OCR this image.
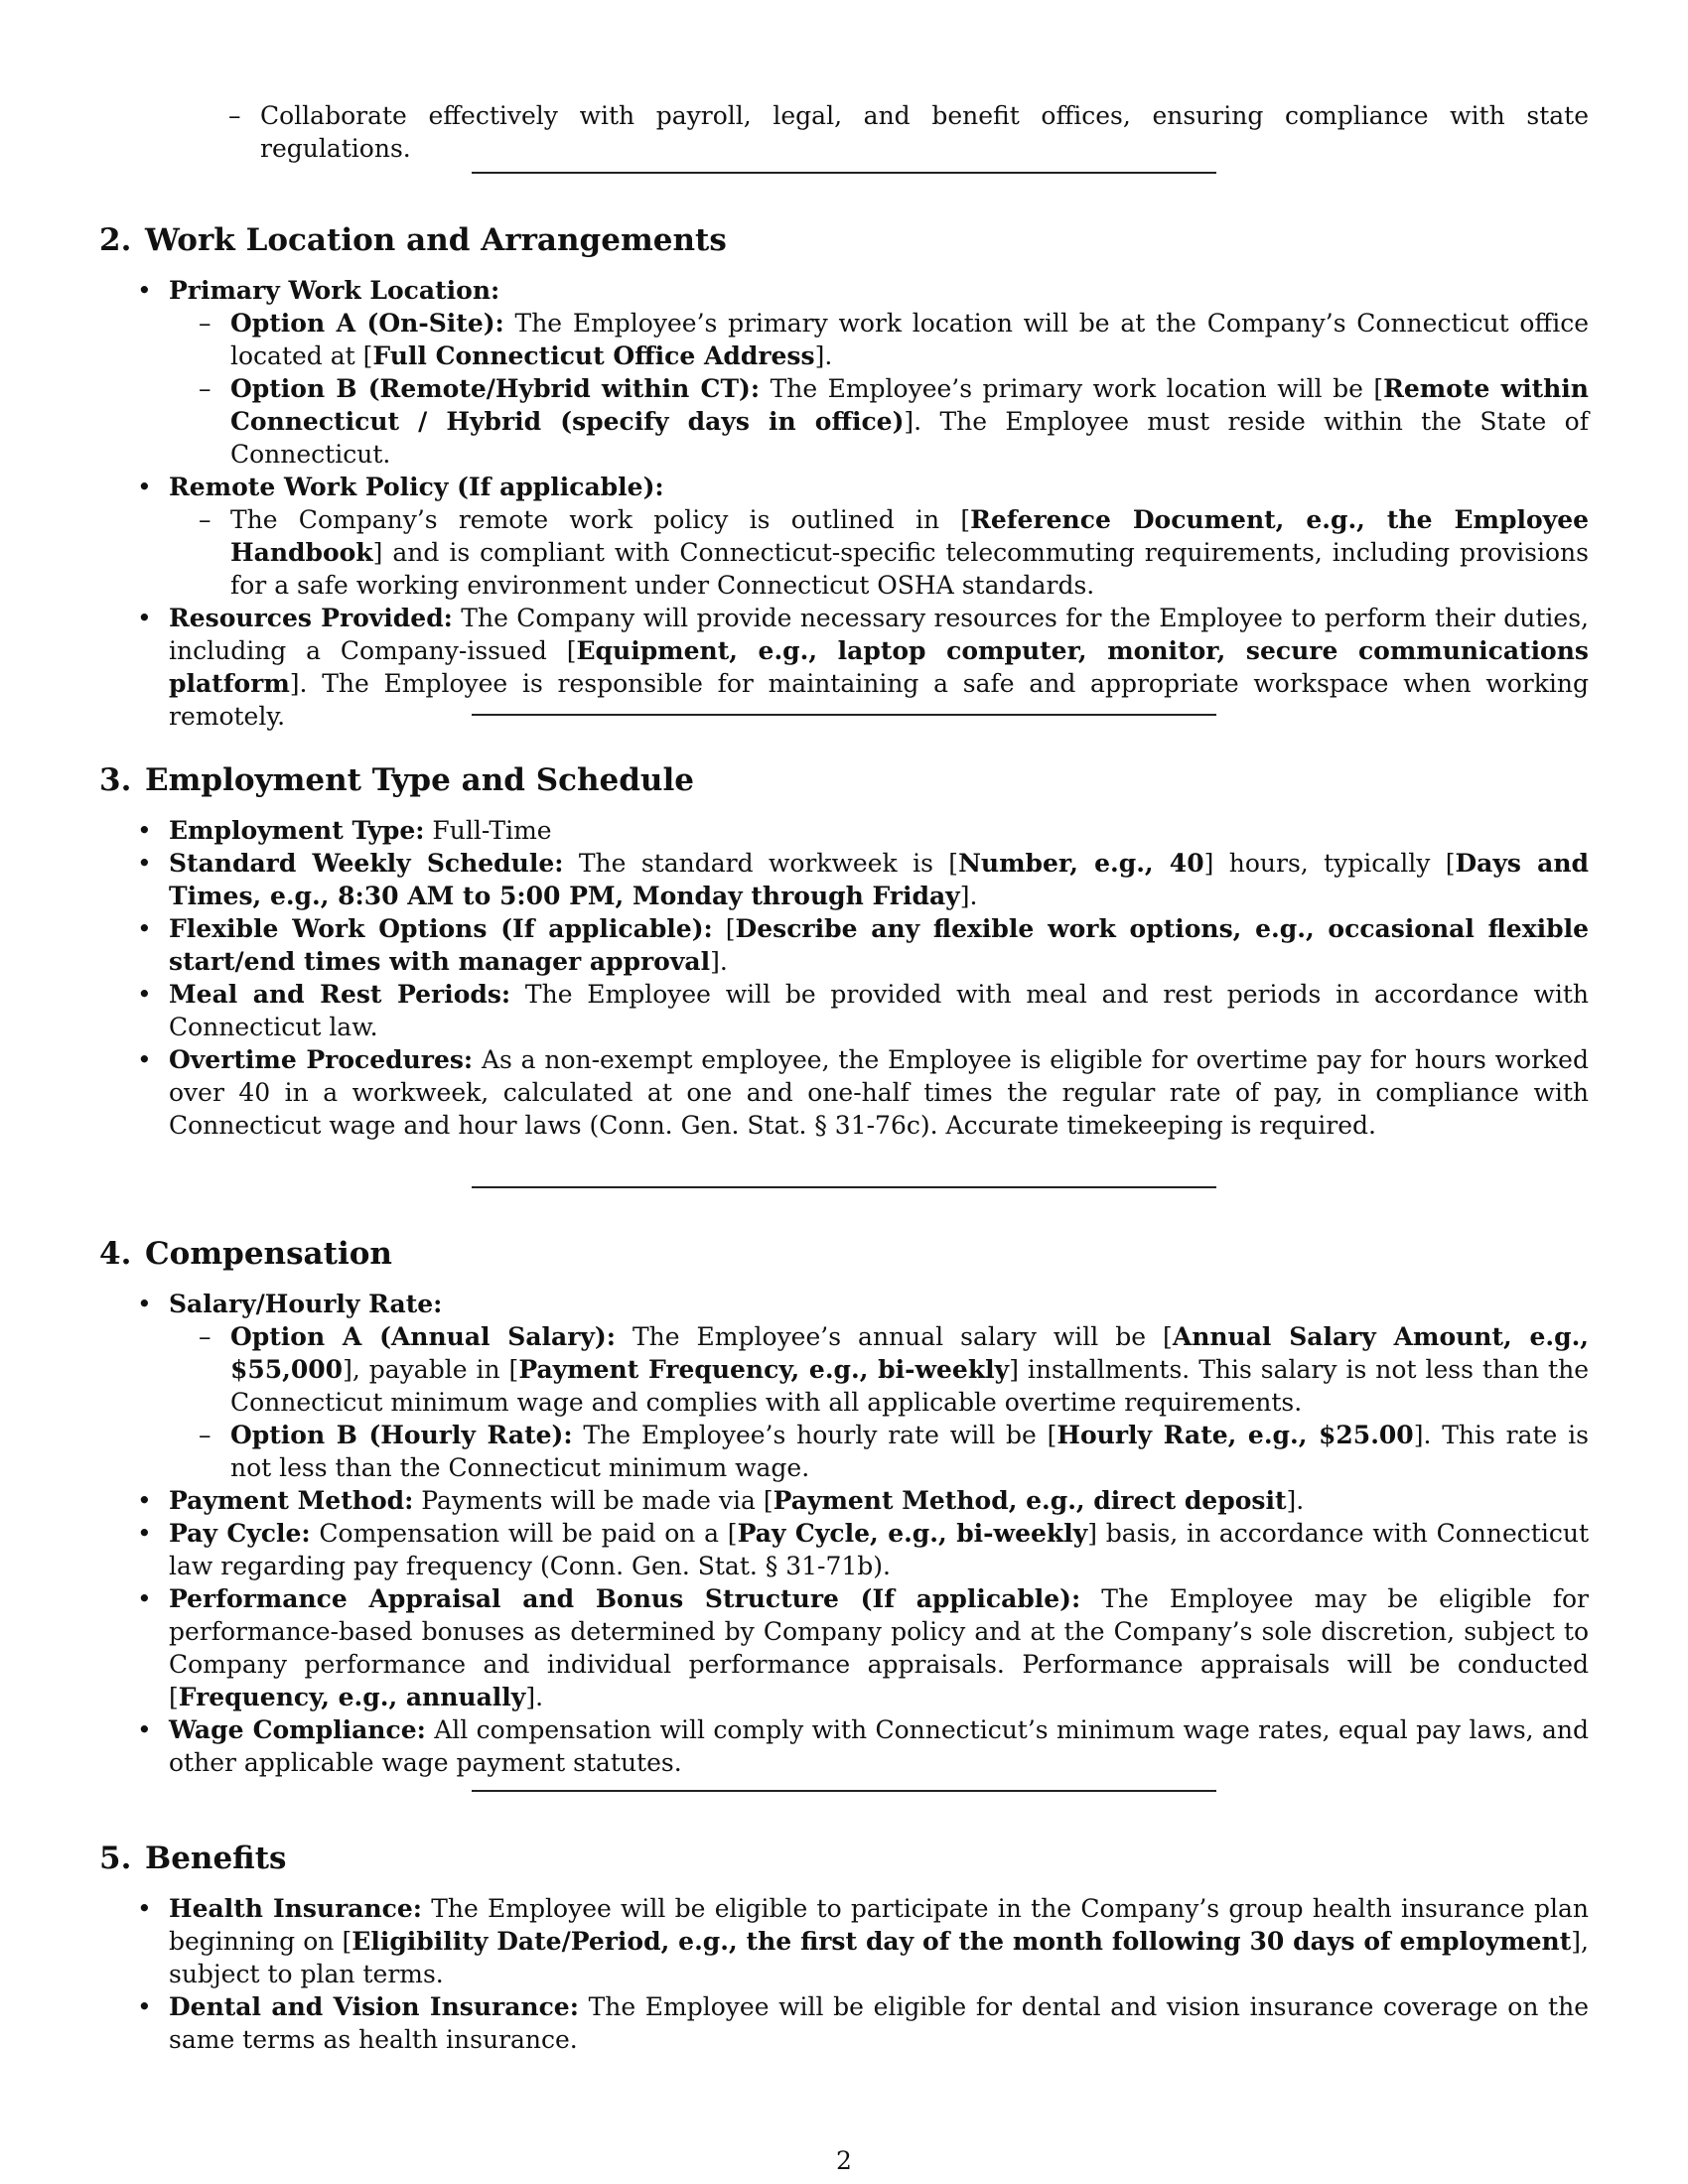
– Collaborate effectively with payroll, legal, and benefit offices, ensuring compliance with state regulations.
2. Work Location and Arrangements
• Primary Work Location:
– Option A (On-Site): The Employee’s primary work location will be at the Company’s Connecticut office located at [Full Connecticut Office Address].
– Option B (Remote/Hybrid within CT): The Employee’s primary work location will be [Remote within Connecticut / Hybrid (specify days in office)]. The Employee must reside within the State of Connecticut.
• Remote Work Policy (If applicable):
– The Company’s remote work policy is outlined in [Reference Document, e.g., the Employee Handbook] and is compliant with Connecticut-specific telecommuting requirements, including provisions for a safe working environment under Connecticut OSHA standards.
• Resources Provided: The Company will provide necessary resources for the Employee to perform their duties, including a Company-issued [Equipment, e.g., laptop computer, monitor, secure communications platform]. The Employee is responsible for maintaining a safe and appropriate workspace when working remotely.
3. Employment Type and Schedule
• Employment Type: Full-Time
• Standard Weekly Schedule: The standard workweek is [Number, e.g., 40] hours, typically [Days and Times, e.g., 8:30 AM to 5:00 PM, Monday through Friday].
• Flexible Work Options (If applicable): [Describe any flexible work options, e.g., occasional flexible start/end times with manager approval].
• Meal and Rest Periods: The Employee will be provided with meal and rest periods in accordance with Connecticut law.
• Overtime Procedures: As a non-exempt employee, the Employee is eligible for overtime pay for hours worked over 40 in a workweek, calculated at one and one-half times the regular rate of pay, in compliance with Connecticut wage and hour laws (Conn. Gen. Stat. § 31-76c). Accurate timekeeping is required.
4. Compensation
• Salary/Hourly Rate:
– Option A (Annual Salary): The Employee’s annual salary will be [Annual Salary Amount, e.g., $55,000], payable in [Payment Frequency, e.g., bi-weekly] installments. This salary is not less than the Connecticut minimum wage and complies with all applicable overtime requirements.
– Option B (Hourly Rate): The Employee’s hourly rate will be [Hourly Rate, e.g., $25.00]. This rate is not less than the Connecticut minimum wage.
• Payment Method: Payments will be made via [Payment Method, e.g., direct deposit].
• Pay Cycle: Compensation will be paid on a [Pay Cycle, e.g., bi-weekly] basis, in accordance with Connecticut law regarding pay frequency (Conn. Gen. Stat. § 31-71b).
• Performance Appraisal and Bonus Structure (If applicable): The Employee may be eligible for performance-based bonuses as determined by Company policy and at the Company’s sole discretion, subject to Company performance and individual performance appraisals. Performance appraisals will be conducted [Frequency, e.g., annually].
• Wage Compliance: All compensation will comply with Connecticut’s minimum wage rates, equal pay laws, and other applicable wage payment statutes.
5. Benefits
• Health Insurance: The Employee will be eligible to participate in the Company’s group health insurance plan beginning on [Eligibility Date/Period, e.g., the first day of the month following 30 days of employment], subject to plan terms.
• Dental and Vision Insurance: The Employee will be eligible for dental and vision insurance coverage on the same terms as health insurance.
2
